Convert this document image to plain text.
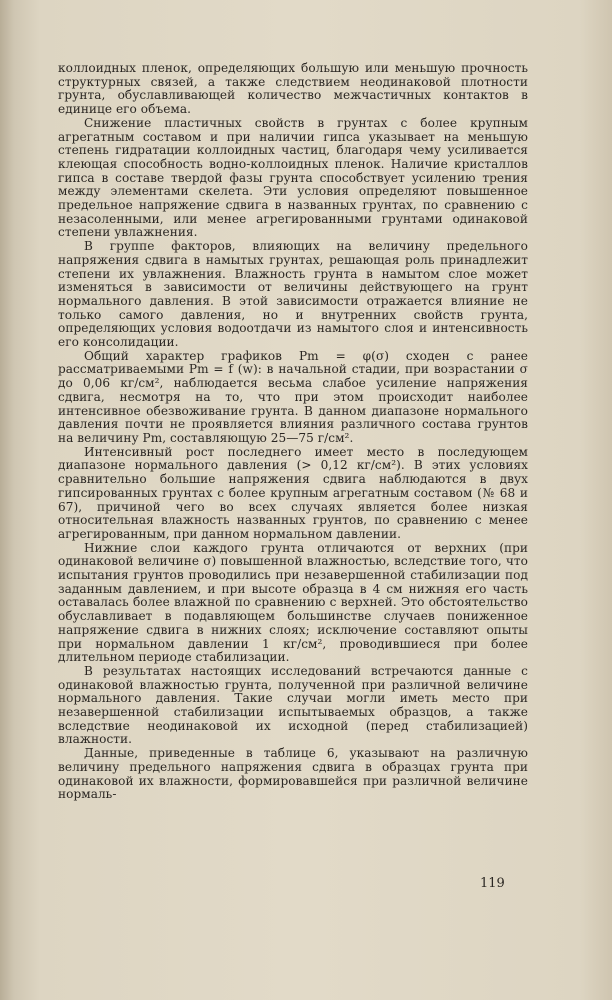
коллоидных пленок, определяющих большую или меньшую прочность структурных связей, а также следствием неодинаковой плотности грунта, обуславливающей количество межчастичных контактов в единице его объема.

Снижение пластичных свойств в грунтах с более крупным агрегатным составом и при наличии гипса указывает на меньшую степень гидратации коллоидных частиц, благодаря чему усиливается клеющая способность водно-коллоидных пленок. Наличие кристаллов гипса в составе твердой фазы грунта способствует усилению трения между элементами скелета. Эти условия определяют повышенное предельное напряжение сдвига в названных грунтах, по сравнению с незасоленными, или менее агрегированными грунтами одинаковой степени увлажнения.

В группе факторов, влияющих на величину предельного напряжения сдвига в намытых грунтах, решающая роль принадлежит степени их увлажнения. Влажность грунта в намытом слое может изменяться в зависимости от величины действующего на грунт нормального давления. В этой зависимости отражается влияние не только самого давления, но и внутренних свойств грунта, определяющих условия водоотдачи из намытого слоя и интенсивность его консолидации.

Общий характер графиков Pm = φ(σ) сходен с ранее рассматриваемыми Pm = f (w): в начальной стадии, при возрастании σ до 0,06 кг/см², наблюдается весьма слабое усиление напряжения сдвига, несмотря на то, что при этом происходит наиболее интенсивное обезвоживание грунта. В данном диапазоне нормального давления почти не проявляется влияния различного состава грунтов на величину Pm, составляющую 25—75 г/см².

Интенсивный рост последнего имеет место в последующем диапазоне нормального давления (> 0,12 кг/см²). В этих условиях сравнительно большие напряжения сдвига наблюдаются в двух гипсированных грунтах с более крупным агрегатным составом (№ 68 и 67), причиной чего во всех случаях является более низкая относительная влажность названных грунтов, по сравнению с менее агрегированным, при данном нормальном давлении.

Нижние слои каждого грунта отличаются от верхних (при одинаковой величине σ) повышенной влажностью, вследствие того, что испытания грунтов проводились при незавершенной стабилизации под заданным давлением, и при высоте образца в 4 см нижняя его часть оставалась более влажной по сравнению с верхней. Это обстоятельство обуславливает в подавляющем большинстве случаев пониженное напряжение сдвига в нижних слоях; исключение составляют опыты при нормальном давлении 1 кг/см², проводившиеся при более длительном периоде стабилизации.

В результатах настоящих исследований встречаются данные с одинаковой влажностью грунта, полученной при различной величине нормального давления. Такие случаи могли иметь место при незавершенной стабилизации испытываемых образцов, а также вследствие неодинаковой их исходной (перед стабилизацией) влажности.

Данные, приведенные в таблице 6, указывают на различную величину предельного напряжения сдвига в образцах грунта при одинаковой их влажности, формировавшейся при различной величине нормаль-

119
